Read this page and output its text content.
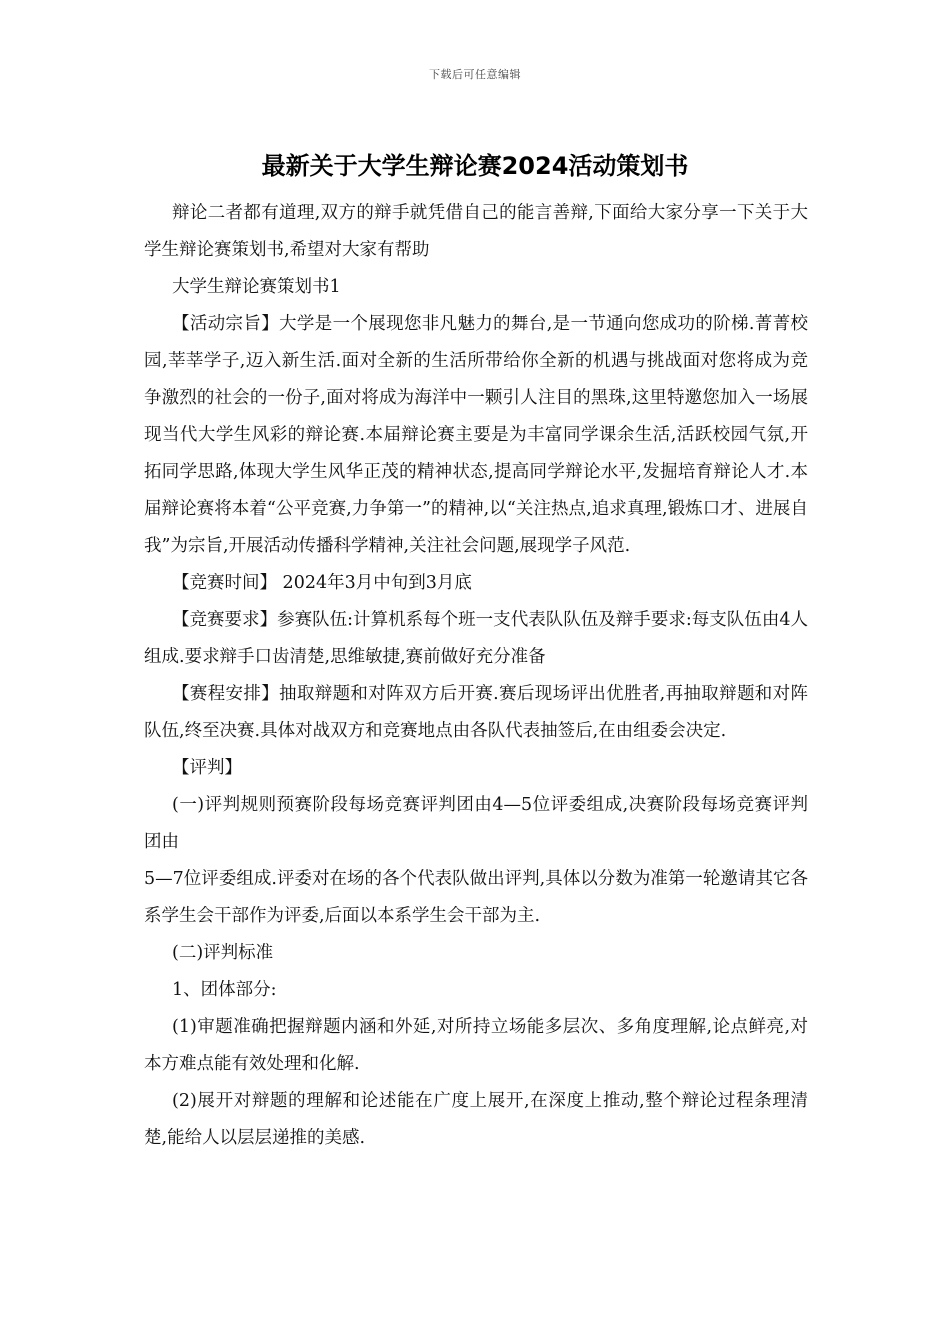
下载后可任意编辑
最新关于大学生辩论赛2024活动策划书

辩论二者都有道理,双方的辩手就凭借自己的能言善辩,下面给大家分享一下关于大学生辩论赛策划书,希望对大家有帮助

大学生辩论赛策划书1

【活动宗旨】大学是一个展现您非凡魅力的舞台,是一节通向您成功的阶梯.菁菁校园,莘莘学子,迈入新生活.面对全新的生活所带给你全新的机遇与挑战面对您将成为竞争激烈的社会的一份子,面对将成为海洋中一颗引人注目的黑珠,这里特邀您加入一场展现当代大学生风彩的辩论赛.本届辩论赛主要是为丰富同学课余生活,活跃校园气氛,开拓同学思路,体现大学生风华正茂的精神状态,提高同学辩论水平,发掘培育辩论人才.本届辩论赛将本着“公平竞赛,力争第一”的精神,以“关注热点,追求真理,锻炼口才、进展自我”为宗旨,开展活动传播科学精神,关注社会问题,展现学子风范.

【竞赛时间】 2024年3月中旬到3月底

【竞赛要求】参赛队伍:计算机系每个班一支代表队队伍及辩手要求:每支队伍由4人组成.要求辩手口齿清楚,思维敏捷,赛前做好充分准备

【赛程安排】抽取辩题和对阵双方后开赛.赛后现场评出优胜者,再抽取辩题和对阵队伍,终至决赛.具体对战双方和竞赛地点由各队代表抽签后,在由组委会决定.

【评判】

(一)评判规则预赛阶段每场竞赛评判团由4—5位评委组成,决赛阶段每场竞赛评判团由

5—7位评委组成.评委对在场的各个代表队做出评判,具体以分数为准第一轮邀请其它各系学生会干部作为评委,后面以本系学生会干部为主.

(二)评判标准

1、团体部分:

(1)审题准确把握辩题内涵和外延,对所持立场能多层次、多角度理解,论点鲜亮,对本方难点能有效处理和化解.

(2)展开对辩题的理解和论述能在广度上展开,在深度上推动,整个辩论过程条理清楚,能给人以层层递推的美感.
